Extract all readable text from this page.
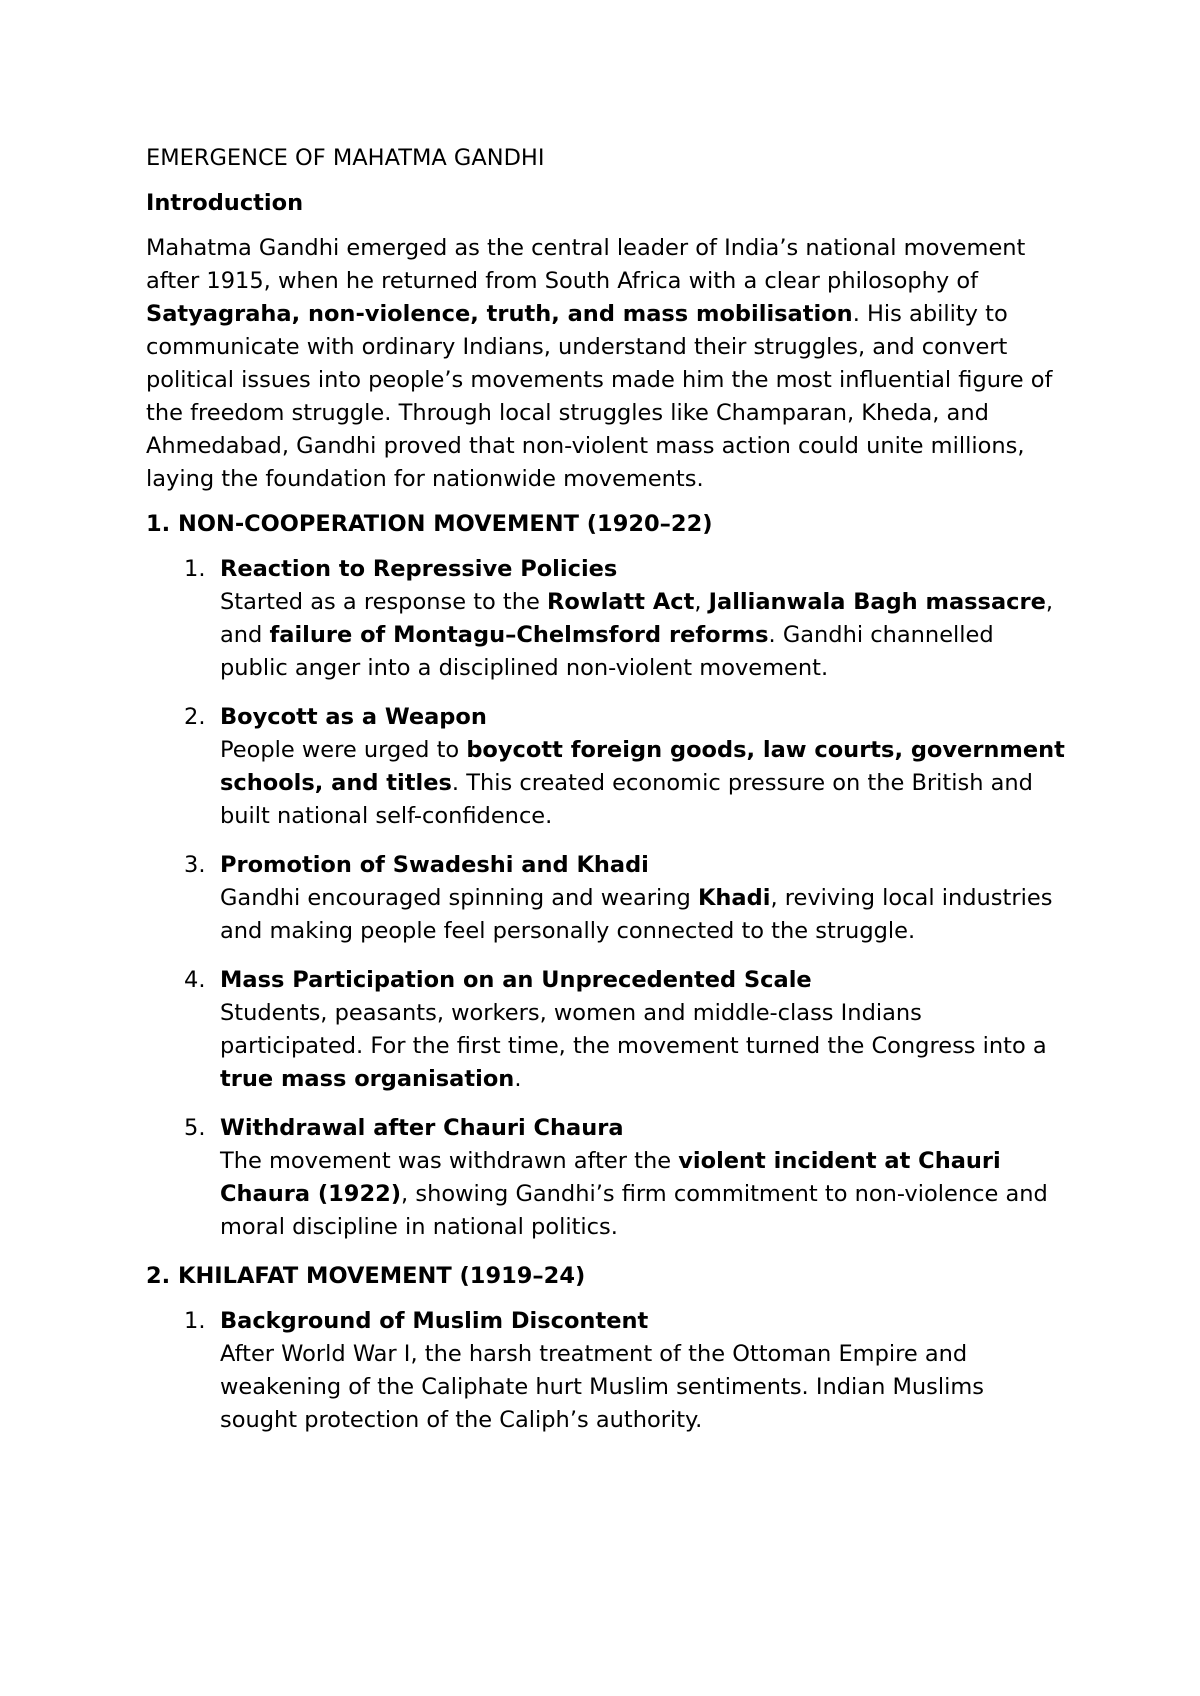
EMERGENCE OF MAHATMA GANDHI
Introduction

Mahatma Gandhi emerged as the central leader of India’s national movement after 1915, when he returned from South Africa with a clear philosophy of Satyagraha, non-violence, truth, and mass mobilisation. His ability to communicate with ordinary Indians, understand their struggles, and convert political issues into people’s movements made him the most influential figure of the freedom struggle. Through local struggles like Champaran, Kheda, and Ahmedabad, Gandhi proved that non-violent mass action could unite millions, laying the foundation for nationwide movements.

1. NON-COOPERATION MOVEMENT (1920–22)
1. Reaction to Repressive Policies
Started as a response to the Rowlatt Act, Jallianwala Bagh massacre, and failure of Montagu–Chelmsford reforms. Gandhi channelled public anger into a disciplined non-violent movement.
2. Boycott as a Weapon
People were urged to boycott foreign goods, law courts, government schools, and titles. This created economic pressure on the British and built national self-confidence.
3. Promotion of Swadeshi and Khadi
Gandhi encouraged spinning and wearing Khadi, reviving local industries and making people feel personally connected to the struggle.
4. Mass Participation on an Unprecedented Scale
Students, peasants, workers, women and middle-class Indians participated. For the first time, the movement turned the Congress into a true mass organisation.
5. Withdrawal after Chauri Chaura
The movement was withdrawn after the violent incident at Chauri Chaura (1922), showing Gandhi’s firm commitment to non-violence and moral discipline in national politics.
2. KHILAFAT MOVEMENT (1919–24)
1. Background of Muslim Discontent
After World War I, the harsh treatment of the Ottoman Empire and weakening of the Caliphate hurt Muslim sentiments. Indian Muslims sought protection of the Caliph’s authority.
